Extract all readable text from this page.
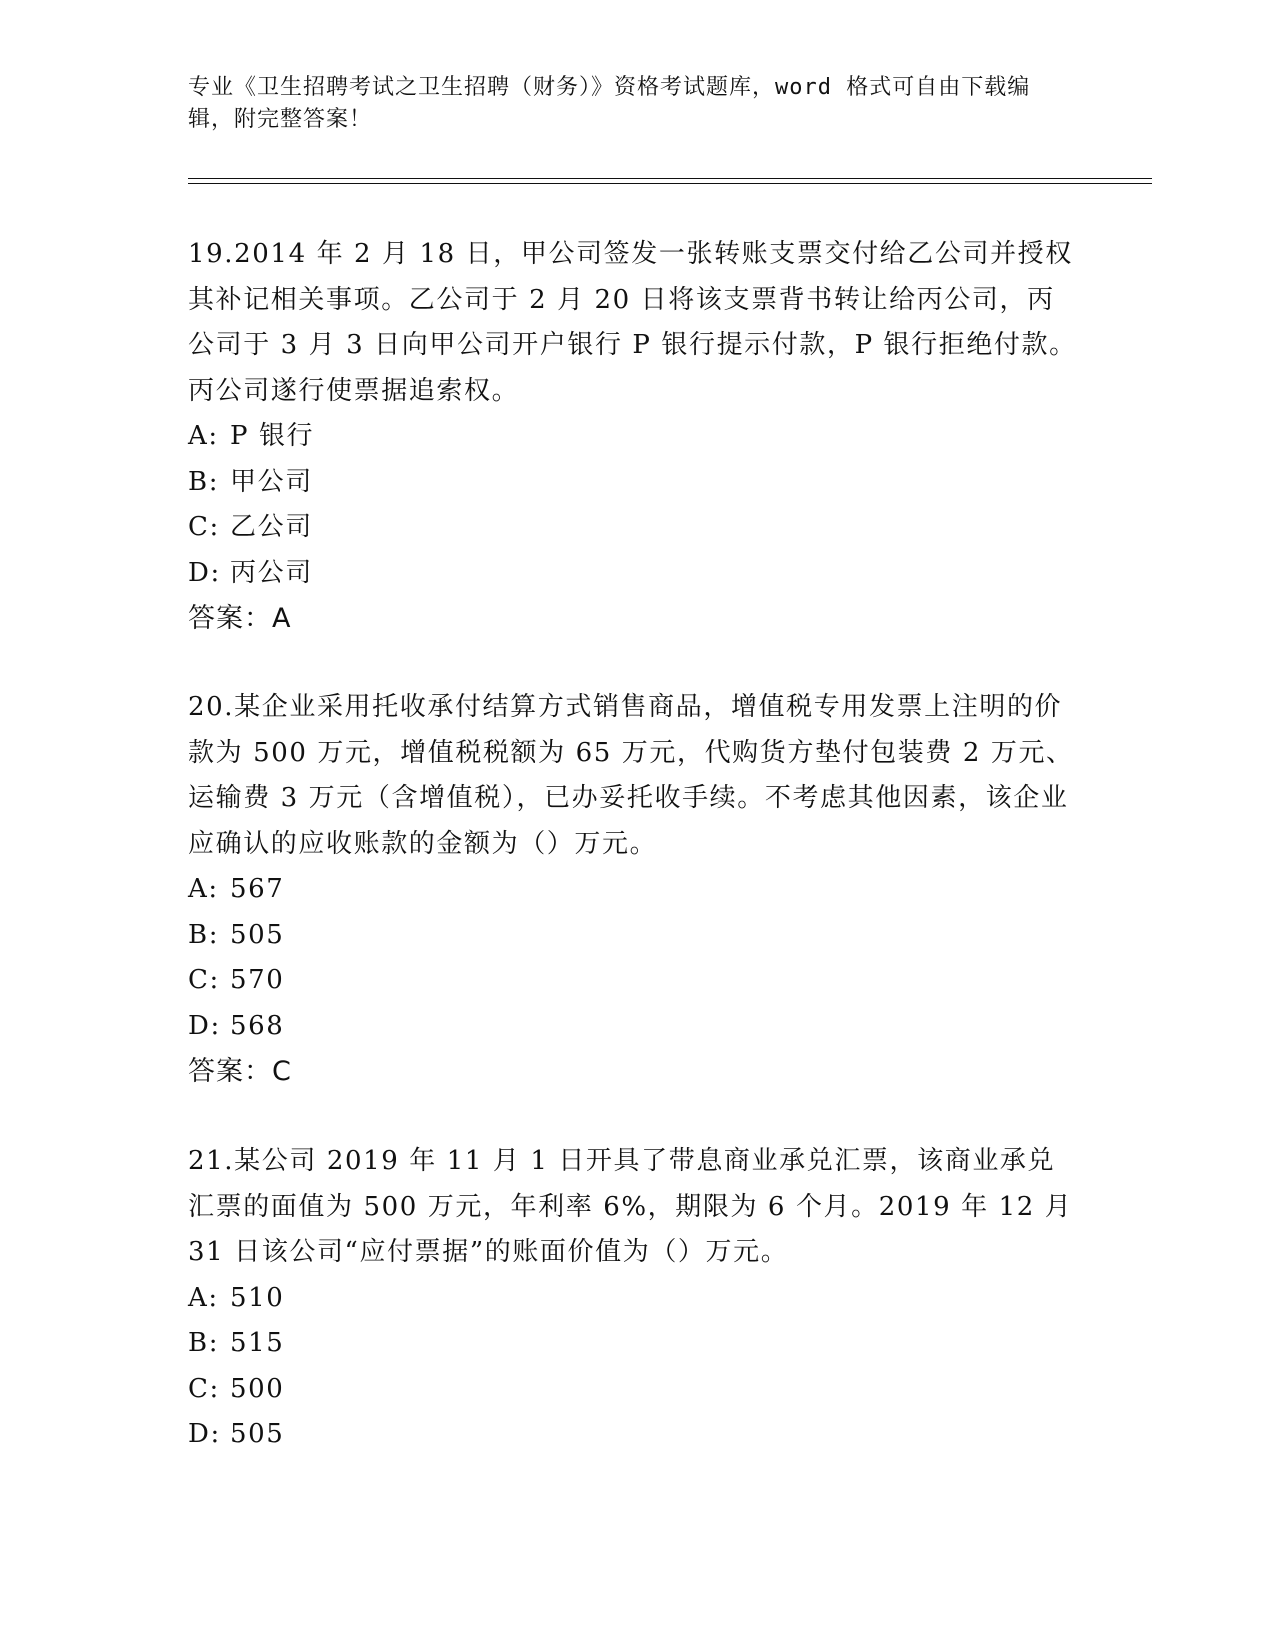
专业《卫生招聘考试之卫生招聘（财务）》资格考试题库，word 格式可自由下载编辑，附完整答案！

19.2014 年 2 月 18 日，甲公司签发一张转账支票交付给乙公司并授权其补记相关事项。乙公司于 2 月 20 日将该支票背书转让给丙公司，丙公司于 3 月 3 日向甲公司开户银行 P 银行提示付款，P 银行拒绝付款。丙公司遂行使票据追索权。

A: P 银行
B: 甲公司
C: 乙公司
D: 丙公司
答案：A

20.某企业采用托收承付结算方式销售商品，增值税专用发票上注明的价款为 500 万元，增值税税额为 65 万元，代购货方垫付包装费 2 万元、运输费 3 万元（含增值税），已办妥托收手续。不考虑其他因素，该企业应确认的应收账款的金额为（）万元。

A: 567
B: 505
C: 570
D: 568
答案：C

21.某公司 2019 年 11 月 1 日开具了带息商业承兑汇票，该商业承兑汇票的面值为 500 万元，年利率 6%，期限为 6 个月。2019 年 12 月 31 日该公司“应付票据”的账面价值为（）万元。

A: 510
B: 515
C: 500
D: 505
